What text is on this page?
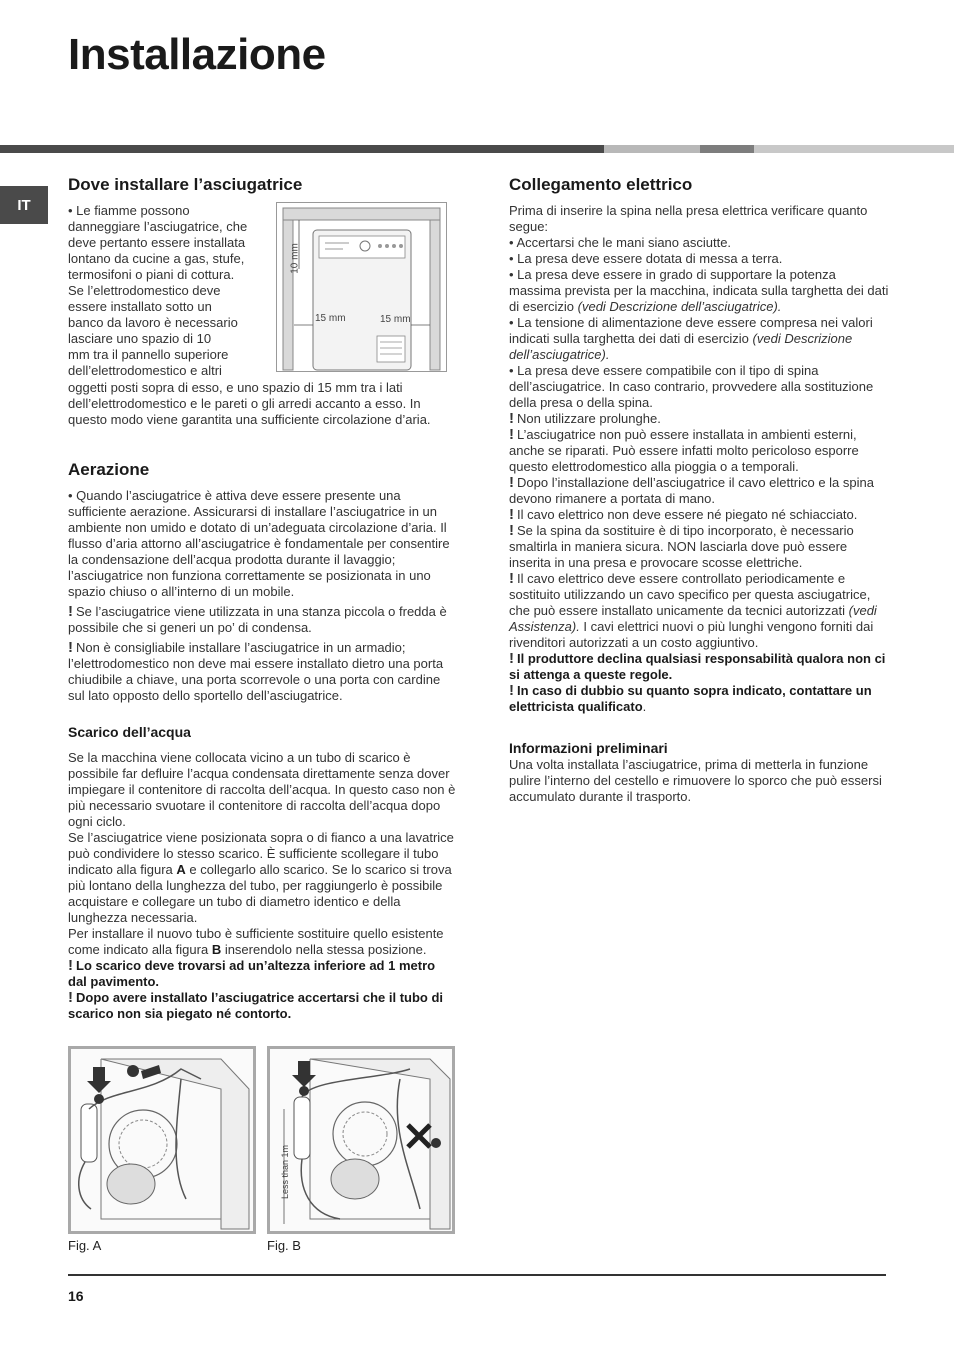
Installazione
IT
Dove installare l’asciugatrice
• Le fiamme possono
danneggiare l’asciugatrice, che
deve pertanto essere installata
lontano da cucine a gas, stufe,
termosifoni o piani di cottura.
Se l’elettrodomestico deve
essere installato sotto un
banco da lavoro è necessario
lasciare uno spazio di 10
mm tra il pannello superiore
dell’elettrodomestico e altri
10 mm
15 mm	15 mm
oggetti posti sopra di esso, e uno spazio di 15 mm tra i lati dell’elettrodomestico e le pareti o gli arredi accanto a esso. In questo modo viene garantita una sufficiente circolazione d’aria.
Aerazione

• Quando l’asciugatrice è attiva deve essere presente una sufficiente aerazione. Assicurarsi di installare l’asciugatrice in un ambiente non umido e dotato di un’adeguata circolazione d’aria. Il flusso d’aria attorno all’asciugatrice è fondamentale per consentire la condensazione dell’acqua prodotta durante il lavaggio; l’asciugatrice non funziona correttamente se posizionata in uno spazio chiuso o all’interno di un mobile.

! Se l’asciugatrice viene utilizzata in una stanza piccola o fredda è possibile che si generi un po’ di condensa.

! Non è consigliabile installare l’asciugatrice in un armadio; l’elettrodomestico non deve mai essere installato dietro una porta chiudibile a chiave, una porta scorrevole o una porta con cardine sul lato opposto dello sportello dell’asciugatrice.

Scarico dell’acqua

Se la macchina viene collocata vicino a un tubo di scarico è possibile far defluire l’acqua condensata direttamente senza dover impiegare il contenitore di raccolta dell’acqua. In questo caso non è più necessario svuotare il contenitore di raccolta dell’acqua dopo ogni ciclo.

Se l’asciugatrice viene posizionata sopra o di fianco a una lavatrice può condividere lo stesso scarico. È sufficiente scollegare il tubo indicato alla figura A e collegarlo allo scarico. Se lo scarico si trova più lontano della lunghezza del tubo, per raggiungerlo è possibile acquistare e collegare un tubo di diametro identico e della lunghezza necessaria.

Per installare il nuovo tubo è sufficiente sostituire quello esistente come indicato alla figura B inserendolo nella stessa posizione.

! Lo scarico deve trovarsi ad un’altezza inferiore ad 1 metro dal pavimento.

! Dopo avere installato l’asciugatrice accertarsi che il tubo di scarico non sia piegato né contorto.

Fig. A
Less than 1m
Fig. B
Collegamento elettrico

Prima di inserire la spina nella presa elettrica verificare quanto segue:

• Accertarsi che le mani siano asciutte.

• La presa deve essere dotata di messa a terra.

• La presa deve essere in grado di supportare la potenza massima prevista per la macchina, indicata sulla targhetta dei dati di esercizio (vedi Descrizione dell’asciugatrice).

• La tensione di alimentazione deve essere compresa nei valori indicati sulla targhetta dei dati di esercizio (vedi Descrizione dell’asciugatrice).

• La presa deve essere compatibile con il tipo di spina dell’asciugatrice. In caso contrario, provvedere alla sostituzione della presa o della spina.

! Non utilizzare prolunghe.

! L’asciugatrice non può essere installata in ambienti esterni, anche se riparati. Può essere infatti molto pericoloso esporre questo elettrodomestico alla pioggia o a temporali.

! Dopo l’installazione dell’asciugatrice il cavo elettrico e la spina devono rimanere a portata di mano.

! Il cavo elettrico non deve essere né piegato né schiacciato.

! Se la spina da sostituire è di tipo incorporato, è necessario smaltirla in maniera sicura. NON lasciarla dove può essere inserita in una presa e provocare scosse elettriche.

! Il cavo elettrico deve essere controllato periodicamente e sostituito utilizzando un cavo specifico per questa asciugatrice, che può essere installato unicamente da tecnici autorizzati (vedi Assistenza). I cavi elettrici nuovi o più lunghi vengono forniti dai rivenditori autorizzati a un costo aggiuntivo.

! Il produttore declina qualsiasi responsabilità qualora non ci si attenga a queste regole.

! In caso di dubbio su quanto sopra indicato, contattare un elettricista qualificato.

Informazioni preliminari
Una volta installata l’asciugatrice, prima di metterla in funzione pulire l’interno del cestello e rimuovere lo sporco che può essersi accumulato durante il trasporto.
16
